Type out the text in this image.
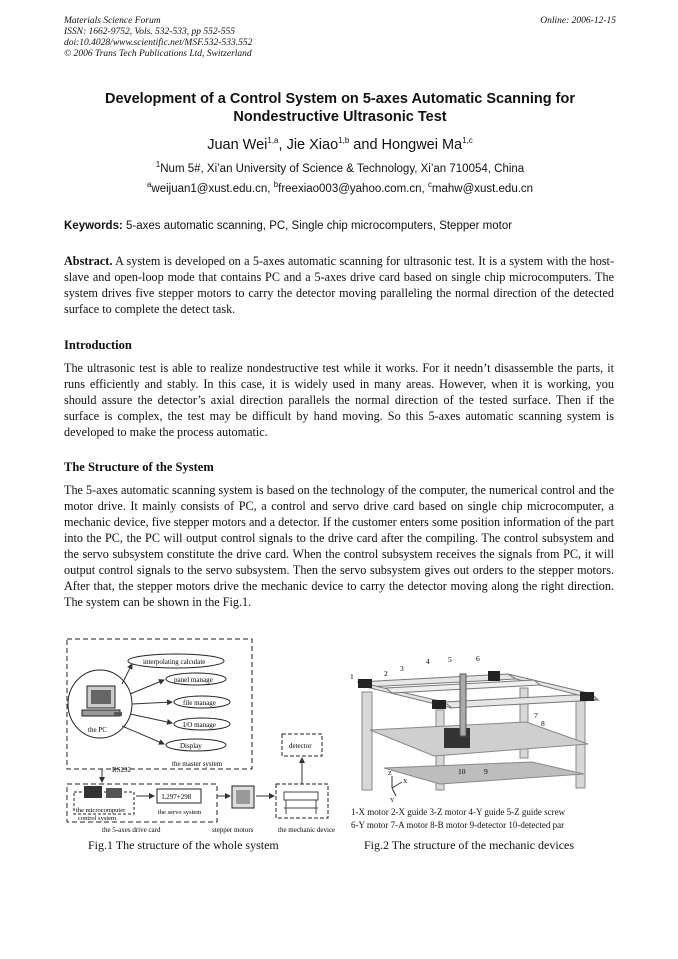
Materials Science Forum
ISSN: 1662-9752, Vols. 532-533, pp 552-555
doi:10.4028/www.scientific.net/MSF.532-533.552
© 2006 Trans Tech Publications Ltd, Switzerland
Online: 2006-12-15
Development of a Control System on 5-axes Automatic Scanning for
Nondestructive Ultrasonic Test
Juan Wei$^{1,a}$, Jie Xiao$^{1,b}$ and Hongwei Ma$^{1,c}$
$^1$Num 5#, Xi’an University of Science & Technology, Xi’an 710054, China
$^a$weijuan1@xust.edu.cn, $^b$freexiao003@yahoo.com.cn, $^c$mahw@xust.edu.cn
Keywords: 5-axes automatic scanning, PC, Single chip microcomputers, Stepper motor
Abstract. A system is developed on a 5-axes automatic scanning for ultrasonic test. It is a system with the host-slave and open-loop mode that contains PC and a 5-axes drive card based on single chip microcomputers. The system drives five stepper motors to carry the detector moving paralleling the normal direction of the detected surface to complete the detect task.
Introduction
The ultrasonic test is able to realize nondestructive test while it works. For it needn’t disassemble the parts, it runs efficiently and stably. In this case, it is widely used in many areas. However, when it is working, you should assure the detector’s axial direction parallels the normal direction of the tested surface. Then if the surface is complex, the test may be difficult by hand moving. So this 5-axes automatic scanning system is developed to make the process automatic.
The Structure of the System
The 5-axes automatic scanning system is based on the technology of the computer, the numerical control and the motor drive. It mainly consists of PC, a control and servo drive card based on single chip microcomputer, a mechanic device, five stepper motors and a detector. If the customer enters some position information of the part into the PC, the PC will output control signals to the drive card after the compiling. The control subsystem and the servo subsystem constitute the drive card. When the control subsystem receives the signals from PC, it will output control signals to the servo subsystem. Then the servo subsystem gives out orders to the stepper motors. After that, the stepper motors drive the mechanic device to carry the detector moving along the right direction. The system can be shown in the Fig.1.
the PC
interpolating calculate
panel manage
file manage
I/O manage
Display
the master system
RS232
detector
the microcomputer
control system
L297+298
the servo system
the 5-axes drive card	stepper motors	the mechanic device
Fig.1 The structure of the whole system
1	2
3
4 5	6
7
8
9
10
Z
X
Y
1-X motor 2-X guide 3-Z motor 4-Y guide 5-Z guide screw
6-Y motor 7-A motor 8-B motor 9-detector 10-detected par
Fig.2 The structure of the mechanic devices
